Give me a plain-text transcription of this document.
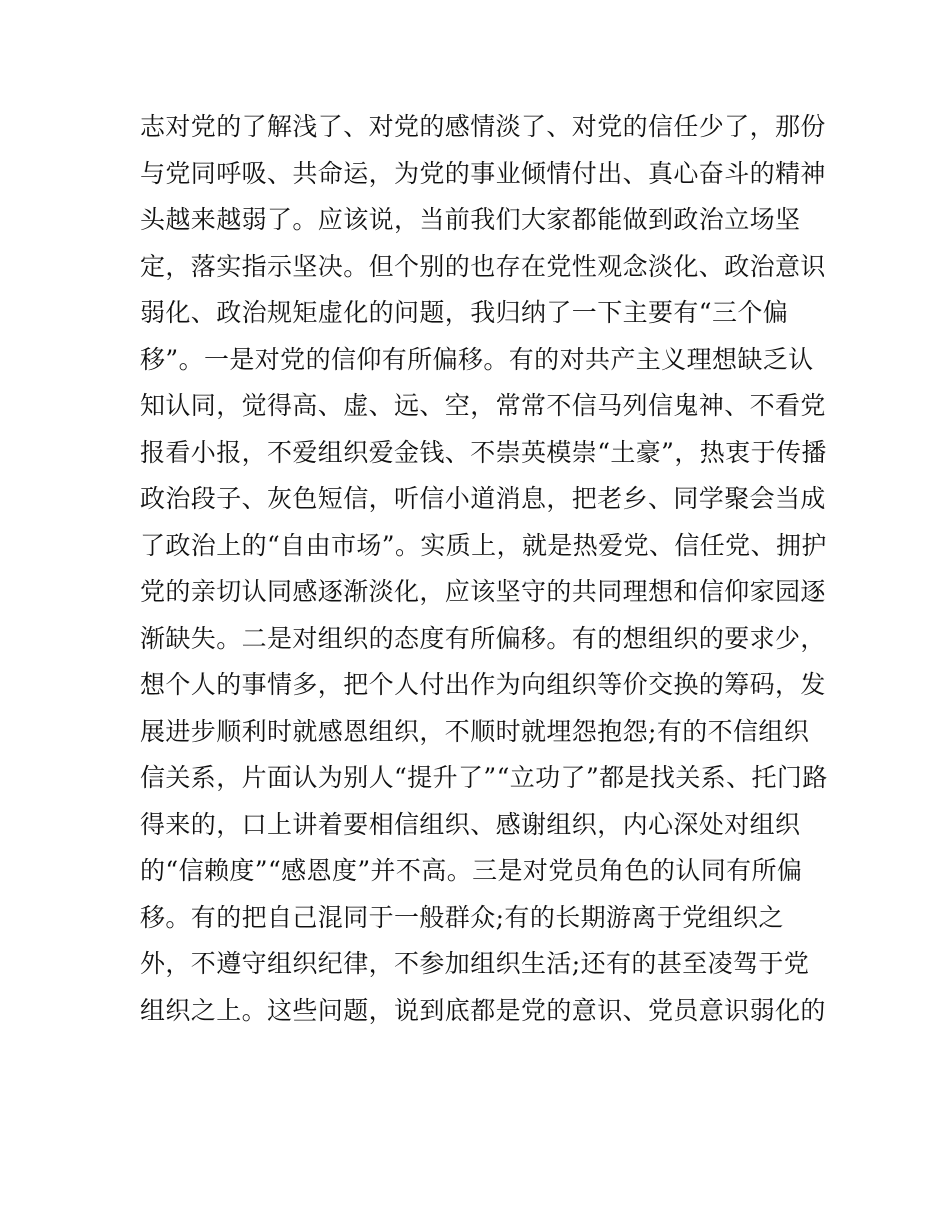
志对党的了解浅了、对党的感情淡了、对党的信任少了，那份
与党同呼吸、共命运，为党的事业倾情付出、真心奋斗的精神
头越来越弱了。应该说，当前我们大家都能做到政治立场坚
定，落实指示坚决。但个别的也存在党性观念淡化、政治意识
弱化、政治规矩虚化的问题，我归纳了一下主要有“三个偏
移”。一是对党的信仰有所偏移。有的对共产主义理想缺乏认
知认同，觉得高、虚、远、空，常常不信马列信鬼神、不看党
报看小报，不爱组织爱金钱、不崇英模崇“土豪”，热衷于传播
政治段子、灰色短信，听信小道消息，把老乡、同学聚会当成
了政治上的“自由市场”。实质上，就是热爱党、信任党、拥护
党的亲切认同感逐渐淡化，应该坚守的共同理想和信仰家园逐
渐缺失。二是对组织的态度有所偏移。有的想组织的要求少，
想个人的事情多，把个人付出作为向组织等价交换的筹码，发
展进步顺利时就感恩组织，不顺时就埋怨抱怨;有的不信组织
信关系，片面认为别人“提升了”“立功了”都是找关系、托门路
得来的，口上讲着要相信组织、感谢组织，内心深处对组织
的“信赖度”“感恩度”并不高。三是对党员角色的认同有所偏
移。有的把自己混同于一般群众;有的长期游离于党组织之
外，不遵守组织纪律，不参加组织生活;还有的甚至凌驾于党
组织之上。这些问题，说到底都是党的意识、党员意识弱化的
